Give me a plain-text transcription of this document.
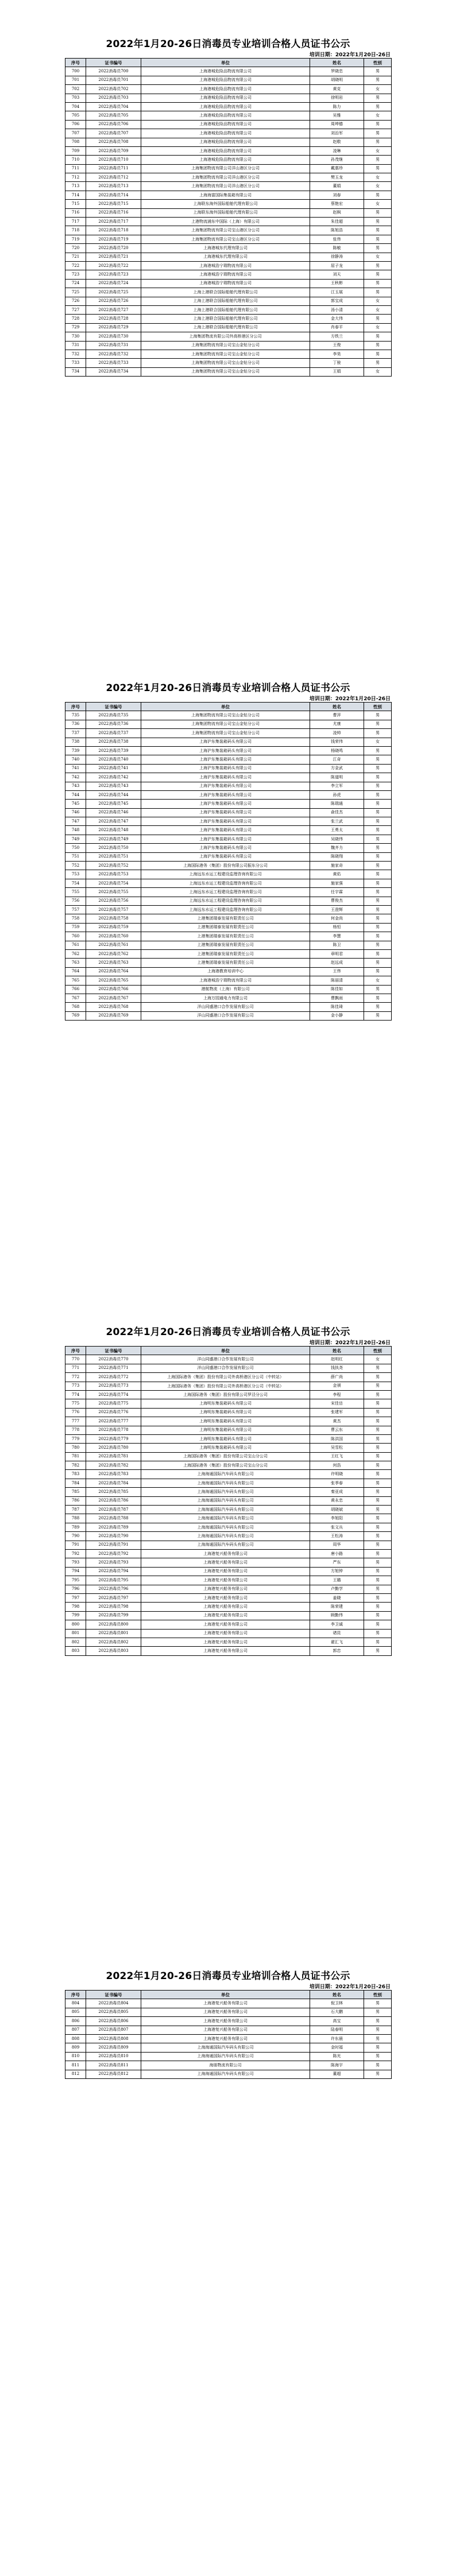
2022年1月20-26日消毒员专业培训合格人员证书公示
培训日期：2022年1月20日-26日
序号	证书编号	单位	姓名	性别
700	2022消毒员700	上海港城危险品物流有限公司	罗晓忠	男
701	2022消毒员701	上海港城危险品物流有限公司	胡晓明	男
702	2022消毒员702	上海港城危险品物流有限公司	黄克	女
703	2022消毒员703	上海港城危险品物流有限公司	徐明岩	男
704	2022消毒员704	上海港城危险品物流有限公司	陈力	男
705	2022消毒员705	上海港城危险品物流有限公司	吴雅	女
706	2022消毒员706	上海港城危险品物流有限公司	周坤德	男
707	2022消毒员707	上海港城危险品物流有限公司	刘治军	男
708	2022消毒员708	上海港城危险品物流有限公司	赵敬	男
709	2022消毒员709	上海港城危险品物流有限公司	凌琳	女
710	2022消毒员710	上海港城危险品物流有限公司	孙茂继	男
711	2022消毒员711	上海集团物流有限公司洋山港区分公司	戴惠珍	男
712	2022消毒员712	上海集团物流有限公司洋山港区分公司	樊玉龙	女
713	2022消毒员713	上海集团物流有限公司洋山港区分公司	董娟	女
714	2022消毒员714	上海海富国际集装箱有限公司	刘春	男
715	2022消毒员715	上海联东海外国际船舶代理有限公司	蔡艳宏	女
716	2022消毒员716	上海联东海外国际船舶代理有限公司	赵枫	男
717	2022消毒员717	上港物流浦东中国际（上海）有限公司	朱佳超	男
718	2022消毒员718	上海集团物流有限公司宝山港区分公司	陈旭浩	男
719	2022消毒员719	上海集团物流有限公司宝山港区分公司	张伟	男
720	2022消毒员720	上海港城东代理有限公司	陈敏	男
721	2022消毒员721	上海港城东代理有限公司	徐静涛	女
722	2022消毒员722	上海港城浩宁瑞物流有限公司	屈子龙	男
723	2022消毒员723	上海港城浩宁瑞物流有限公司	刘天	男
724	2022消毒员724	上海港城浩宁瑞物流有限公司	王秋彬	男
725	2022消毒员725	上海上港联合国际船舶代理有限公司	江玉展	男
726	2022消毒员726	上海上港联合国际船舶代理有限公司	郭宝成	女
727	2022消毒员727	上海上港联合国际船舶代理有限公司	汤小清	女
728	2022消毒员728	上海上港联合国际船舶代理有限公司	金大伟	男
729	2022消毒员729	上海上港联合国际船舶代理有限公司	肖春平	女
730	2022消毒员730	上海集团物流有限公司外高桥港区分公司	方铁兰	男
731	2022消毒员731	上海集团物流有限公司宝山金钻分公司	王俊	男
732	2022消毒员732	上海集团物流有限公司宝山金钻分公司	李昊	男
733	2022消毒员733	上海集团物流有限公司宝山金钻分公司	丁骏	男
734	2022消毒员734	上海集团物流有限公司宝山金钻分公司	王娟	女
2022年1月20-26日消毒员专业培训合格人员证书公示
培训日期：2022年1月20日-26日
序号	证书编号	单位	姓名	性别
735	2022消毒员735	上海集团物流有限公司宝山金钻分公司	曹萍	男
736	2022消毒员736	上海集团物流有限公司宝山金钻分公司	尤康	男
737	2022消毒员737	上海集团物流有限公司宝山金钻分公司	凌帅	男
738	2022消毒员738	上海沪东集装箱码头有限公司	钱荣伟	女
739	2022消毒员739	上海沪东集装箱码头有限公司	杨晓鸣	男
740	2022消毒员740	上海沪东集装箱码头有限公司	江奇	男
741	2022消毒员741	上海沪东集装箱码头有限公司	方金武	男
742	2022消毒员742	上海沪东集装箱码头有限公司	陈道明	男
743	2022消毒员743	上海沪东集装箱码头有限公司	李立军	男
744	2022消毒员744	上海沪东集装箱码头有限公司	孙虎	男
745	2022消毒员745	上海沪东集装箱码头有限公司	陈瑞通	男
746	2022消毒员746	上海沪东集装箱码头有限公司	俞佳杰	男
747	2022消毒员747	上海沪东集装箱码头有限公司	张兰武	男
748	2022消毒员748	上海沪东集装箱码头有限公司	王勇太	男
749	2022消毒员749	上海沪东集装箱码头有限公司	吴晓伟	男
750	2022消毒员750	上海沪东集装箱码头有限公司	魏齐力	男
751	2022消毒员751	上海沪东集装箱码头有限公司	陈晓翔	男
752	2022消毒员752	上海国际港务（集团）股份有限公司振东分公司	施家奇	男
753	2022消毒员753	上海远东水运工程建设监理咨询有限公司	黄佑	男
754	2022消毒员754	上海远东水运工程建设监理咨询有限公司	施家强	男
755	2022消毒员755	上海远东水运工程建设监理咨询有限公司	任宇霖	男
756	2022消毒员756	上海远东水运工程建设监理咨询有限公司	曹俊杰	男
757	2022消毒员757	上海远东水运工程建设监理咨询有限公司	王澄辉	男
758	2022消毒员758	上港集团瑞泰发展有限责任公司	何金尚	男
759	2022消毒员759	上港集团瑞泰发展有限责任公司	杨恒	男
760	2022消毒员760	上港集团瑞泰发展有限责任公司	李慧	男
761	2022消毒员761	上港集团瑞泰发展有限责任公司	陈卫	男
762	2022消毒员762	上港集团瑞泰发展有限责任公司	章明君	男
763	2022消毒员763	上港集团瑞泰发展有限责任公司	赵远成	男
764	2022消毒员764	上海港教育培训中心	王伟	男
765	2022消毒员765	上海港城浩宁瑞物流有限公司	陈丽清	女
766	2022消毒员766	港航物流（上海）有限公司	陈佳如	男
767	2022消毒员767	上海万园通电力有限公司	曹飘雨	男
768	2022消毒员768	洋山同盛港口合作发展有限公司	陈佳琦	男
769	2022消毒员769	洋山同盛港口合作发展有限公司	金小静	男
2022年1月20-26日消毒员专业培训合格人员证书公示
培训日期：2022年1月20日-26日
序号	证书编号	单位	姓名	性别
770	2022消毒员770	洋山同盛港口合作发展有限公司	赵明红	女
771	2022消毒员771	洋山同盛港口合作发展有限公司	钱执尧	男
772	2022消毒员772	上海国际港务（集团）股份有限公司外高桥港区分公司（中转站）	薛广尚	男
773	2022消毒员773	上海国际港务（集团）股份有限公司外高桥港区分公司（中转站）	金祺	男
774	2022消毒员774	上海国际港务（集团）股份有限公司罗泾分公司	李程	男
775	2022消毒员775	上海明东集装箱码头有限公司	宋佳岳	男
776	2022消毒员776	上海明东集装箱码头有限公司	张建军	男
777	2022消毒员777	上海明东集装箱码头有限公司	黄杰	男
778	2022消毒员778	上海明东集装箱码头有限公司	曹云东	男
779	2022消毒员779	上海明东集装箱码头有限公司	陈洪国	男
780	2022消毒员780	上海明东集装箱码头有限公司	吴雪松	男
781	2022消毒员781	上海国际港务（集团）股份有限公司宝山分公司	王红飞	男
782	2022消毒员782	上海国际港务（集团）股份有限公司宝山分公司	何浩	男
783	2022消毒员783	上海海通国际汽车码头有限公司	许明晓	男
784	2022消毒员784	上海海通国际汽车码头有限公司	张季春	男
785	2022消毒员785	上海海通国际汽车码头有限公司	秦亚成	男
786	2022消毒员786	上海海通国际汽车码头有限公司	黄永忠	男
787	2022消毒员787	上海海通国际汽车码头有限公司	胡晓斌	男
788	2022消毒员788	上海海通国际汽车码头有限公司	李旭阳	男
789	2022消毒员789	上海海通国际汽车码头有限公司	张文兵	男
790	2022消毒员790	上海海通国际汽车码头有限公司	王松涛	男
791	2022消毒员791	上海海通国际汽车码头有限公司	周华	男
792	2022消毒员792	上海港复兴船务有限公司	唐小路	男
793	2022消毒员793	上海港复兴船务有限公司	严东	男
794	2022消毒员794	上海港复兴船务有限公司	方旭钟	男
795	2022消毒员795	上海港复兴船务有限公司	王璐	男
796	2022消毒员796	上海港复兴船务有限公司	卢勤学	男
797	2022消毒员797	上海港复兴船务有限公司	姜晓	男
798	2022消毒员798	上海港复兴船务有限公司	陈荣建	男
799	2022消毒员799	上海港复兴船务有限公司	顾勤伟	男
800	2022消毒员800	上海港复兴船务有限公司	李卫诚	男
801	2022消毒员801	上海港复兴船务有限公司	诸昆	男
802	2022消毒员802	上海港复兴船务有限公司	翟汇飞	男
803	2022消毒员803	上海港复兴船务有限公司	郭忠	男
2022年1月20-26日消毒员专业培训合格人员证书公示
培训日期：2022年1月20日-26日
序号	证书编号	单位	姓名	性别
804	2022消毒员804	上海港复兴船务有限公司	倪卫林	男
805	2022消毒员805	上海港复兴船务有限公司	石大鹏	男
806	2022消毒员806	上海港复兴船务有限公司	高宝	男
807	2022消毒员807	上海港复兴船务有限公司	陆春明	男
808	2022消毒员808	上海港复兴船务有限公司	许东晨	男
809	2022消毒员809	上海海通国际汽车码头有限公司	金时福	男
810	2022消毒员810	上海海通国际汽车码头有限公司	陈光	男
811	2022消毒员811	海朋物流有限公司	陈海宇	男
812	2022消毒员812	上海海通国际汽车码头有限公司	董超	男
